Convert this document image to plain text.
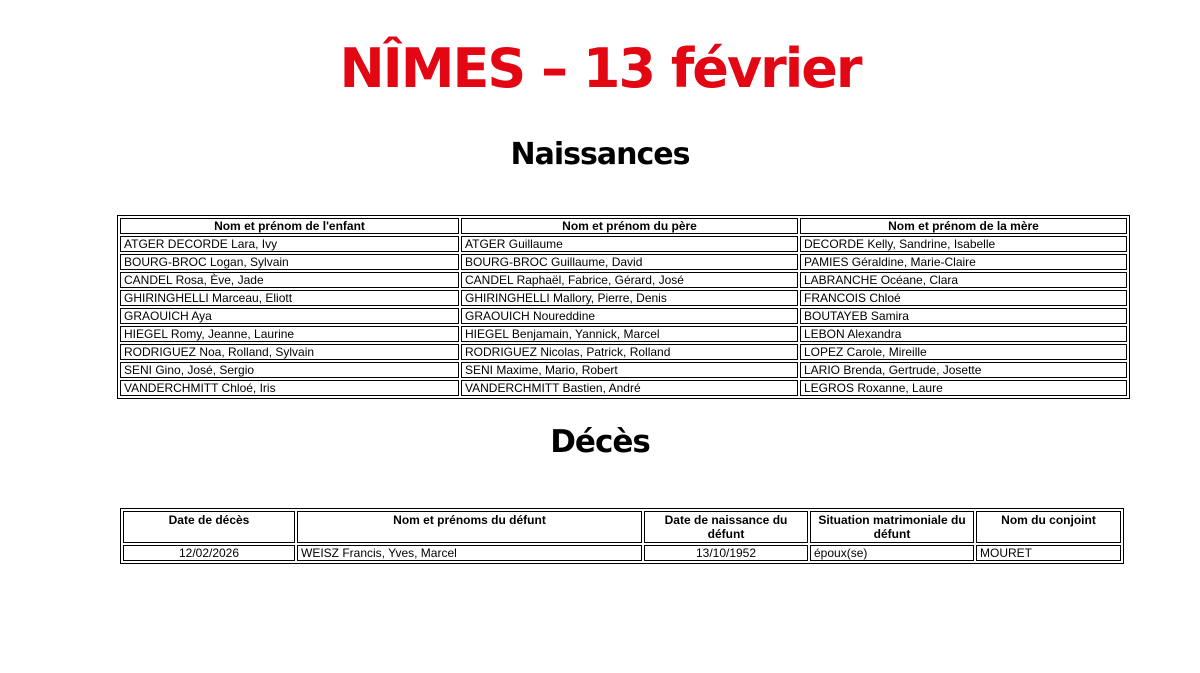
NÎMES – 13 février
Naissances
Nom et prénom de l'enfant	Nom et prénom du père	Nom et prénom de la mère
ATGER DECORDE Lara, Ivy	ATGER Guillaume	DECORDE Kelly, Sandrine, Isabelle
BOURG-BROC Logan, Sylvain	BOURG-BROC Guillaume, David	PAMIES Géraldine, Marie-Claire
CANDEL Rosa, Ève, Jade	CANDEL Raphaël, Fabrice, Gérard, José	LABRANCHE Océane, Clara
GHIRINGHELLI Marceau, Eliott	GHIRINGHELLI Mallory, Pierre, Denis	FRANCOIS Chloé
GRAOUICH Aya	GRAOUICH Noureddine	BOUTAYEB Samira
HIEGEL Romy, Jeanne, Laurine	HIEGEL Benjamain, Yannick, Marcel	LEBON Alexandra
RODRIGUEZ Noa, Rolland, Sylvain	RODRIGUEZ Nicolas, Patrick, Rolland	LOPEZ Carole, Mireille
SENI Gino, José, Sergio	SENI Maxime, Mario, Robert	LARIO Brenda, Gertrude, Josette
VANDERCHMITT Chloé, Iris	VANDERCHMITT Bastien, André	LEGROS Roxanne, Laure
Décès
Date de décès	Nom et prénoms du défunt	Date de naissance du défunt	Situation matrimoniale du défunt	Nom du conjoint
12/02/2026	WEISZ Francis, Yves, Marcel	13/10/1952	époux(se)	MOURET
